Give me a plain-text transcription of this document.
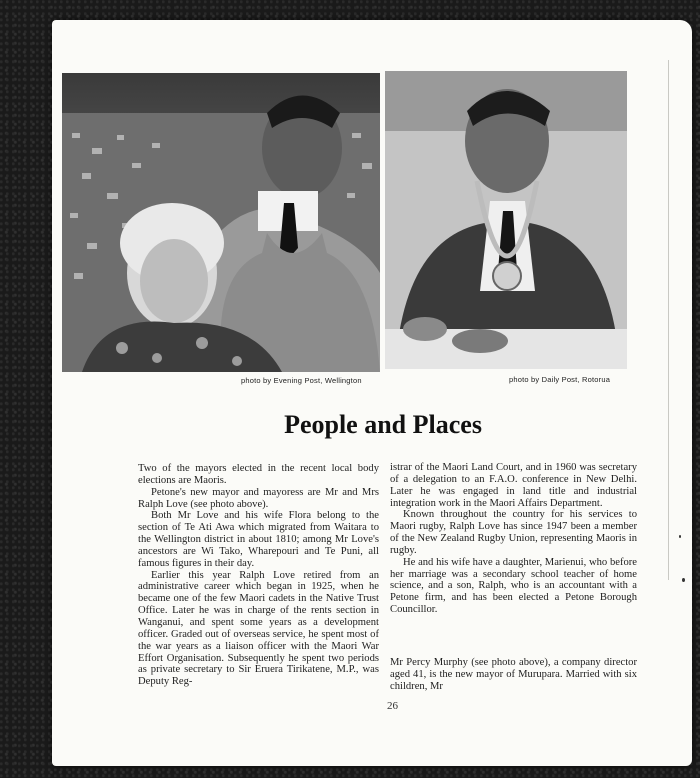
photo by Evening Post, Wellington	photo by Daily Post, Rotorua
People and Places

Two of the mayors elected in the recent local body elections are Maoris.

Petone's new mayor and mayoress are Mr and Mrs Ralph Love (see photo above).

Both Mr Love and his wife Flora belong to the section of Te Ati Awa which migrated from Waitara to the Wellington district in about 1810; among Mr Love's ancestors are Wi Tako, Wharepouri and Te Puni, all famous figures in their day.

Earlier this year Ralph Love retired from an administrative career which began in 1925, when he became one of the few Maori cadets in the Native Trust Office. Later he was in charge of the rents section in Wanganui, and spent some years as a development officer. Graded out of overseas service, he spent most of the war years as a liaison officer with the Maori War Effort Organisation. Subsequently he spent two periods as private secretary to Sir Eruera Tirikatene, M.P., was Deputy Reg-

istrar of the Maori Land Court, and in 1960 was secretary of a delegation to an F.A.O. conference in New Delhi. Later he was engaged in land title and industrial integration work in the Maori Affairs Department.

Known throughout the country for his services to Maori rugby, Ralph Love has since 1947 been a member of the New Zealand Rugby Union, representing Maoris in rugby.

He and his wife have a daughter, Marienui, who before her marriage was a secondary school teacher of home science, and a son, Ralph, who is an accountant with a Petone firm, and has been elected a Petone Borough Councillor.

Mr Percy Murphy (see photo above), a company director aged 41, is the new mayor of Murupara. Married with six children, Mr

26
